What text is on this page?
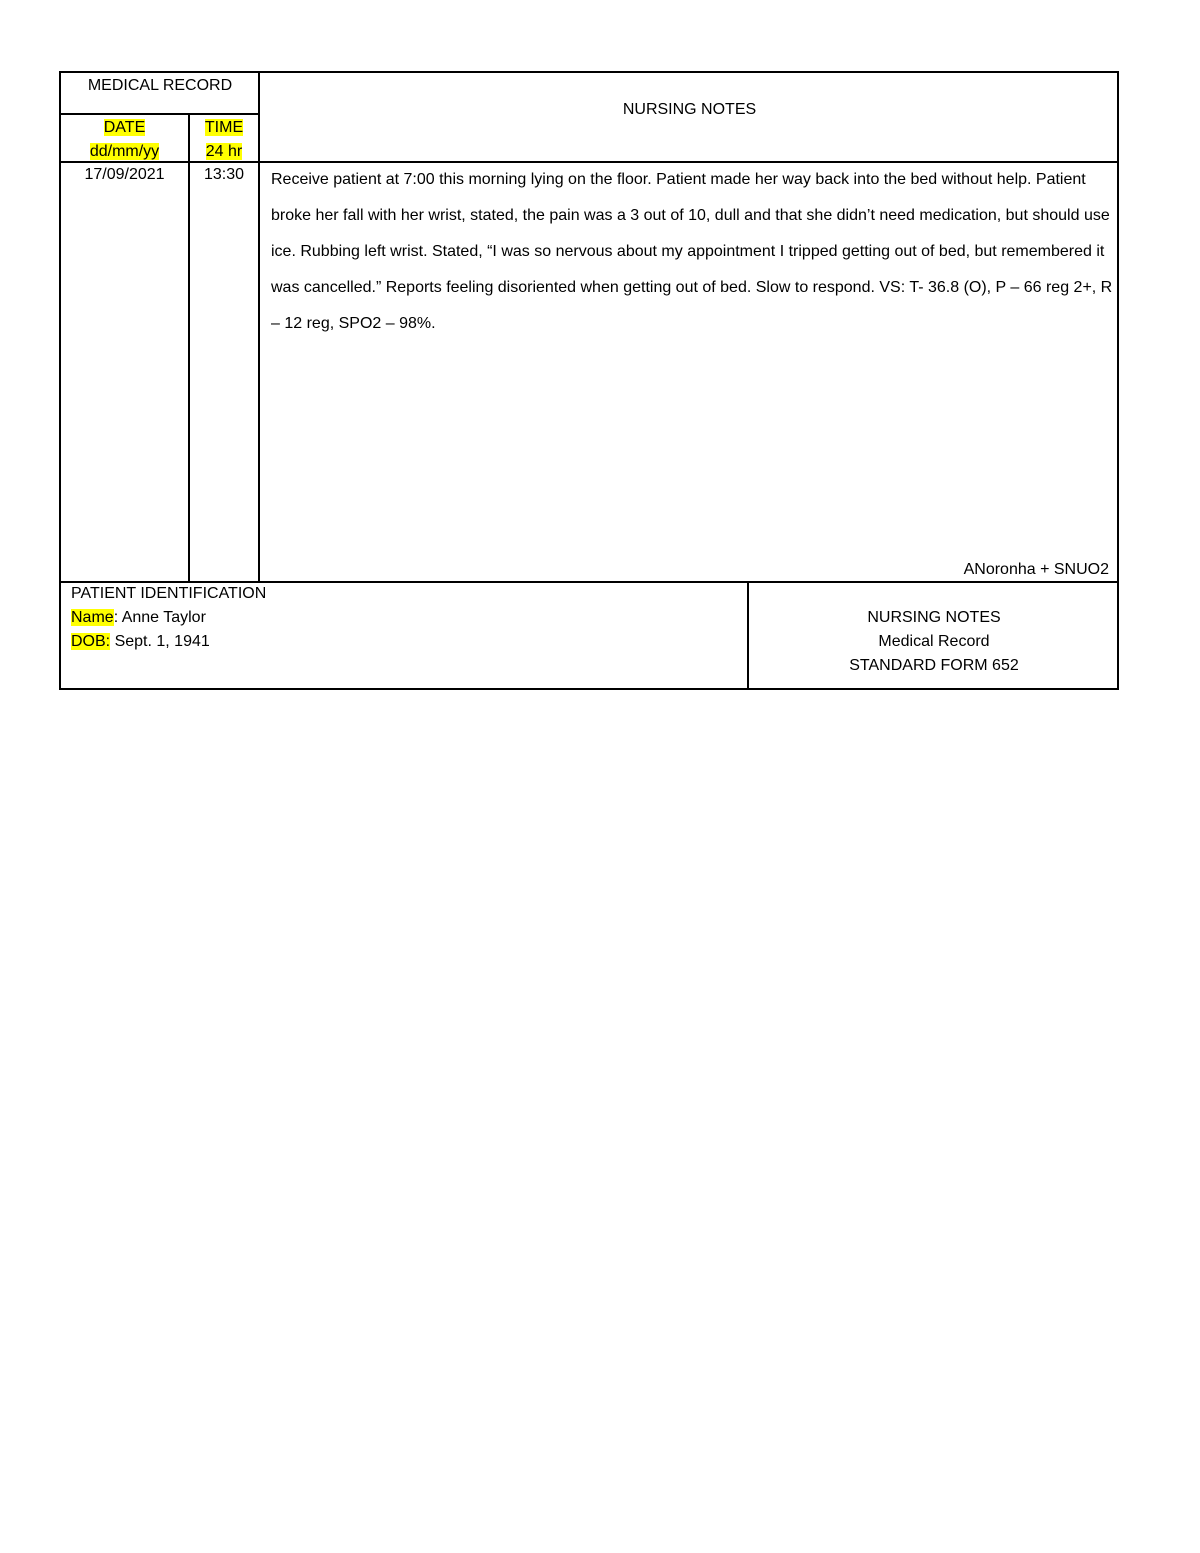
MEDICAL RECORD
NURSING NOTES
DATE
dd/mm/yy
TIME
24 hr
17/09/2021	13:30	Receive patient at 7:00 this morning lying on the floor. Patient made her way back into the bed without help. Patient broke her fall with her wrist, stated, the pain was a 3 out of 10, dull and that she didn’t need medication, but should use ice. Rubbing left wrist. Stated, “I was so nervous about my appointment I tripped getting out of bed, but remembered it was cancelled.” Reports feeling disoriented when getting out of bed. Slow to respond. VS: T- 36.8 (O), P – 66 reg 2+, R – 12 reg, SPO2 – 98%.
ANoronha + SNUO2
PATIENT IDENTIFICATION
Name: Anne Taylor
DOB: Sept. 1, 1941
NURSING NOTES
Medical Record
STANDARD FORM 652
